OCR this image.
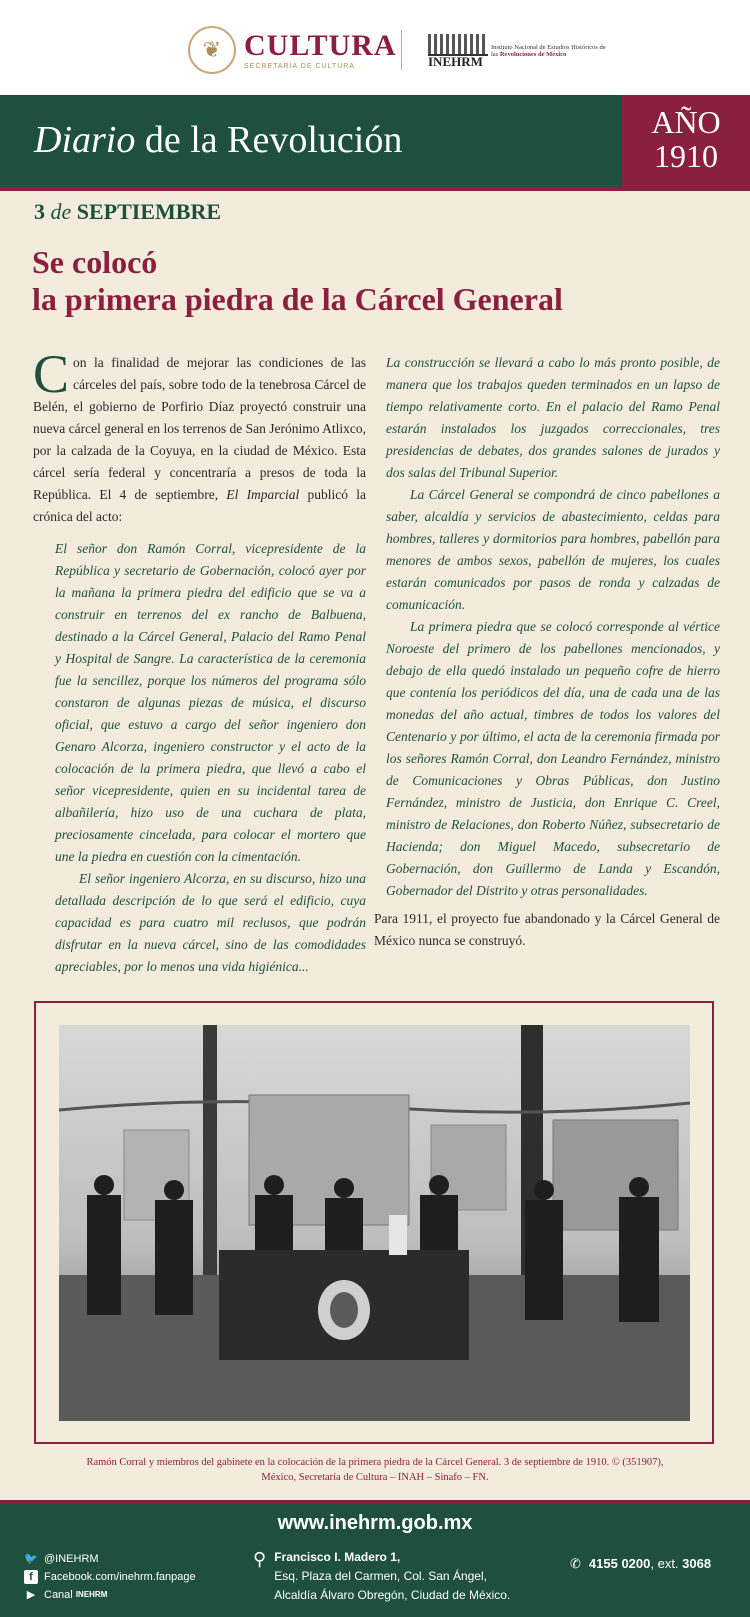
❦ CULTURA
SECRETARÍA DE CULTURA	INEHRM
Instituto Nacional de Estudios Históricos de las Revoluciones de México
Diario de la Revolución	AÑO
1910
3 de SEPTIEMBRE
Se colocó
la primera piedra de la Cárcel General

Con la finalidad de mejorar las condiciones de las cárceles del país, sobre todo de la tenebrosa Cárcel de Belén, el gobierno de Porfirio Díaz proyectó construir una nueva cárcel general en los terrenos de San Jerónimo Atlixco, por la calzada de la Coyuya, en la ciudad de México. Esta cárcel sería federal y concentraría a presos de toda la República. El 4 de septiembre, El Imparcial publicó la crónica del acto:

El señor don Ramón Corral, vicepresidente de la República y secretario de Gobernación, colocó ayer por la mañana la primera piedra del edificio que se va a construir en terrenos del ex rancho de Balbuena, destinado a la Cárcel General, Palacio del Ramo Penal y Hospital de Sangre. La característica de la ceremonia fue la sencillez, porque los números del programa sólo constaron de algunas piezas de música, el discurso oficial, que estuvo a cargo del señor ingeniero don Genaro Alcorza, ingeniero constructor y el acto de la colocación de la primera piedra, que llevó a cabo el señor vicepresidente, quien en su incidental tarea de albañilería, hizo uso de una cuchara de plata, preciosamente cincelada, para colocar el mortero que une la piedra en cuestión con la cimentación.

El señor ingeniero Alcorza, en su discurso, hizo una detallada descripción de lo que será el edificio, cuya capacidad es para cuatro mil reclusos, que podrán disfrutar en la nueva cárcel, sino de las comodidades apreciables, por lo menos una vida higiénica...

La construcción se llevará a cabo lo más pronto posible, de manera que los trabajos queden terminados en un lapso de tiempo relativamente corto. En el palacio del Ramo Penal estarán instalados los juzgados correccionales, tres presidencias de debates, dos grandes salones de jurados y dos salas del Tribunal Superior.

La Cárcel General se compondrá de cinco pabellones a saber, alcaldía y servicios de abastecimiento, celdas para hombres, talleres y dormitorios para hombres, pabellón para menores de ambos sexos, pabellón de mujeres, los cuales estarán comunicados por pasos de ronda y calzadas de comunicación.

La primera piedra que se colocó corresponde al vértice Noroeste del primero de los pabellones mencionados, y debajo de ella quedó instalado un pequeño cofre de hierro que contenía los periódicos del día, una de cada una de las monedas del año actual, timbres de todos los valores del Centenario y por último, el acta de la ceremonia firmada por los señores Ramón Corral, don Leandro Fernández, ministro de Comunicaciones y Obras Públicas, don Justino Fernández, ministro de Justicia, don Enrique C. Creel, ministro de Relaciones, don Roberto Núñez, subsecretario de Hacienda; don Miguel Macedo, subsecretario de Gobernación, don Guillermo de Landa y Escandón, Gobernador del Distrito y otras personalidades.

Para 1911, el proyecto fue abandonado y la Cárcel General de México nunca se construyó.

Ramón Corral y miembros del gabinete en la colocación de la primera piedra de la Cárcel General. 3 de septiembre de 1910. © (351907),
México, Secretaría de Cultura – INAH – Sinafo – FN.
www.inehrm.gob.mx
🐦 @INEHRM
f	Facebook.com/inehrm.fanpage
▶ Canal
INEHRM
⚲ Francisco I. Madero 1,
Esq. Plaza del Carmen, Col. San Ángel,
Alcaldía Álvaro Obregón, Ciudad de México.
✆ 4155 0200 , ext.
3068
